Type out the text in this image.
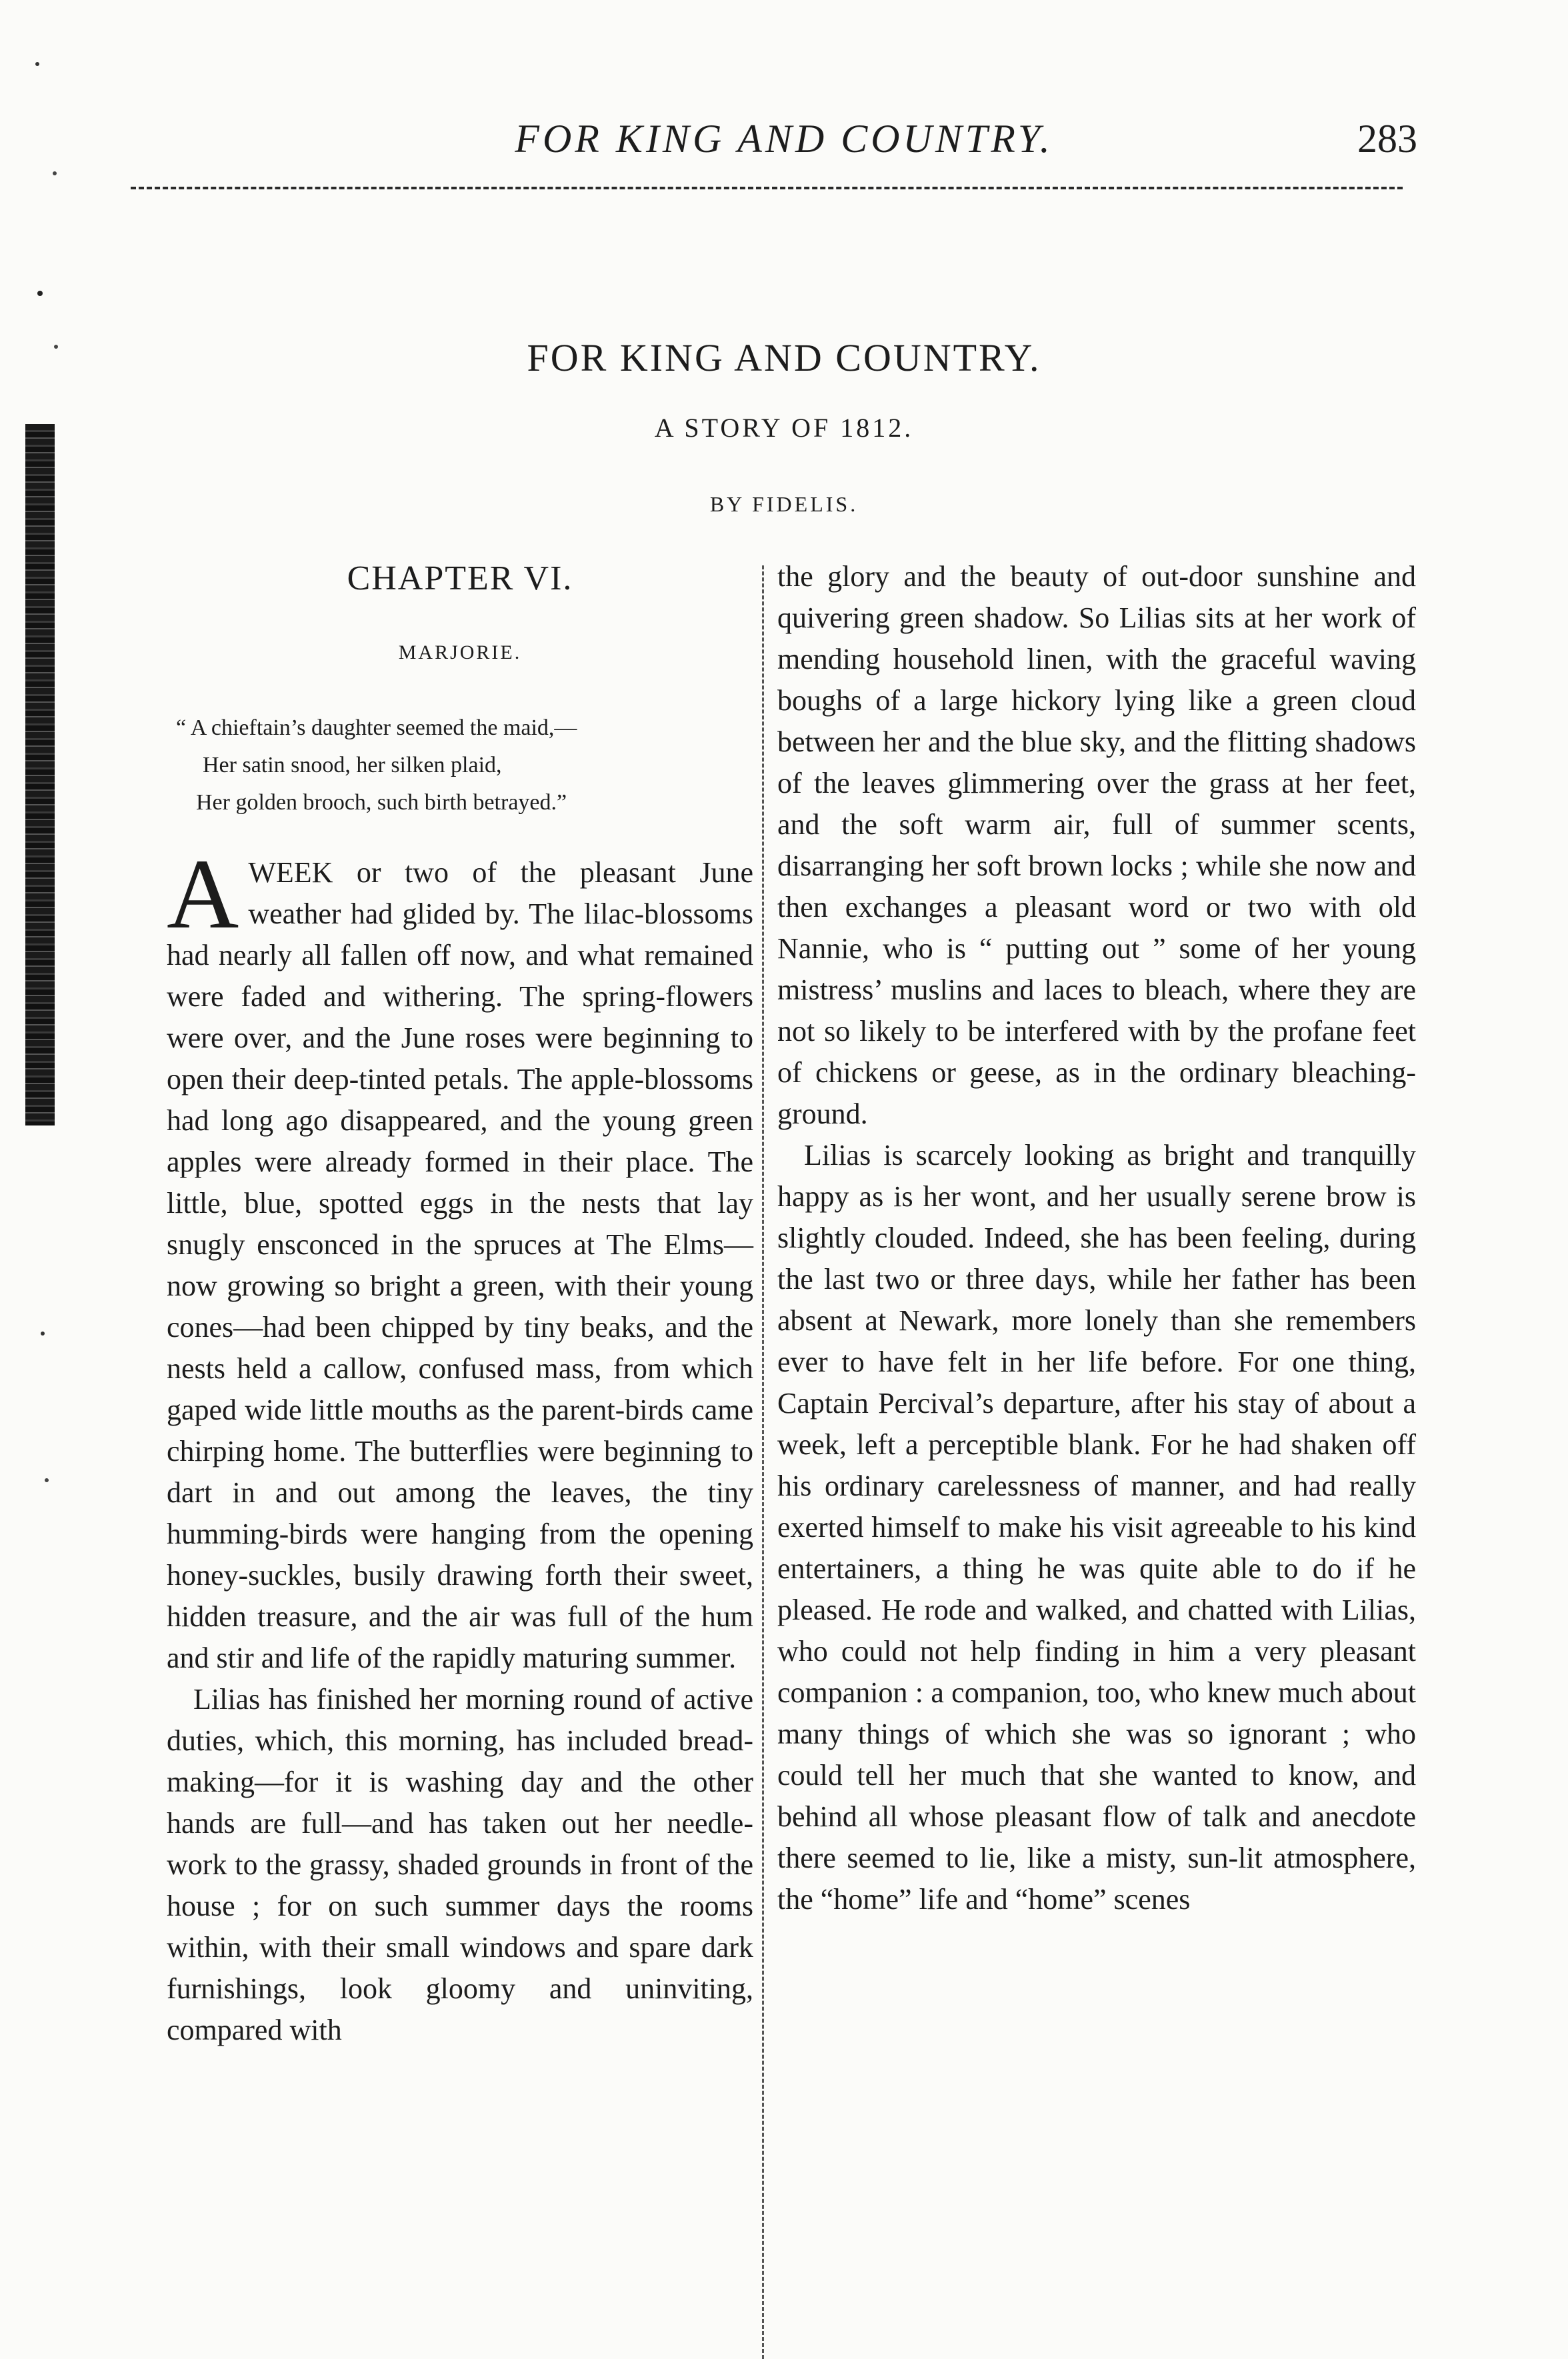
FOR KING AND COUNTRY.	283
FOR KING AND COUNTRY.
A STORY OF 1812.
BY FIDELIS.
CHAPTER VI.
MARJORIE.
“ A chieftain’s daughter seemed the maid,—
Her satin snood, her silken plaid,
Her golden brooch, such birth betrayed.”

A WEEK or two of the pleasant June weather had glided by. The lilac-blossoms had nearly all fallen off now, and what remained were faded and withering. The spring-flowers were over, and the June roses were beginning to open their deep-tinted petals. The apple-blossoms had long ago disappeared, and the young green apples were already formed in their place. The little, blue, spotted eggs in the nests that lay snugly ensconced in the spruces at The Elms—now growing so bright a green, with their young cones—had been chipped by tiny beaks, and the nests held a callow, confused mass, from which gaped wide little mouths as the parent-birds came chirping home. The butterflies were beginning to dart in and out among the leaves, the tiny humming-birds were hanging from the opening honey-suckles, busily drawing forth their sweet, hidden treasure, and the air was full of the hum and stir and life of the rapidly maturing summer.

Lilias has finished her morning round of active duties, which, this morning, has included bread-making—for it is washing day and the other hands are full—and has taken out her needle-work to the grassy, shaded grounds in front of the house ; for on such summer days the rooms within, with their small windows and spare dark furnishings, look gloomy and uninviting, compared with

the glory and the beauty of out-door sunshine and quivering green shadow. So Lilias sits at her work of mending household linen, with the graceful waving boughs of a large hickory lying like a green cloud between her and the blue sky, and the flitting shadows of the leaves glimmering over the grass at her feet, and the soft warm air, full of summer scents, disarranging her soft brown locks ; while she now and then exchanges a pleasant word or two with old Nannie, who is “ putting out ” some of her young mistress’ muslins and laces to bleach, where they are not so likely to be interfered with by the profane feet of chickens or geese, as in the ordinary bleaching-ground.

Lilias is scarcely looking as bright and tranquilly happy as is her wont, and her usually serene brow is slightly clouded. Indeed, she has been feeling, during the last two or three days, while her father has been absent at Newark, more lonely than she remembers ever to have felt in her life before. For one thing, Captain Percival’s departure, after his stay of about a week, left a perceptible blank. For he had shaken off his ordinary carelessness of manner, and had really exerted himself to make his visit agreeable to his kind entertainers, a thing he was quite able to do if he pleased. He rode and walked, and chatted with Lilias, who could not help finding in him a very pleasant companion : a companion, too, who knew much about many things of which she was so ignorant ; who could tell her much that she wanted to know, and behind all whose pleasant flow of talk and anecdote there seemed to lie, like a misty, sun-lit atmosphere, the “home” life and “home” scenes
